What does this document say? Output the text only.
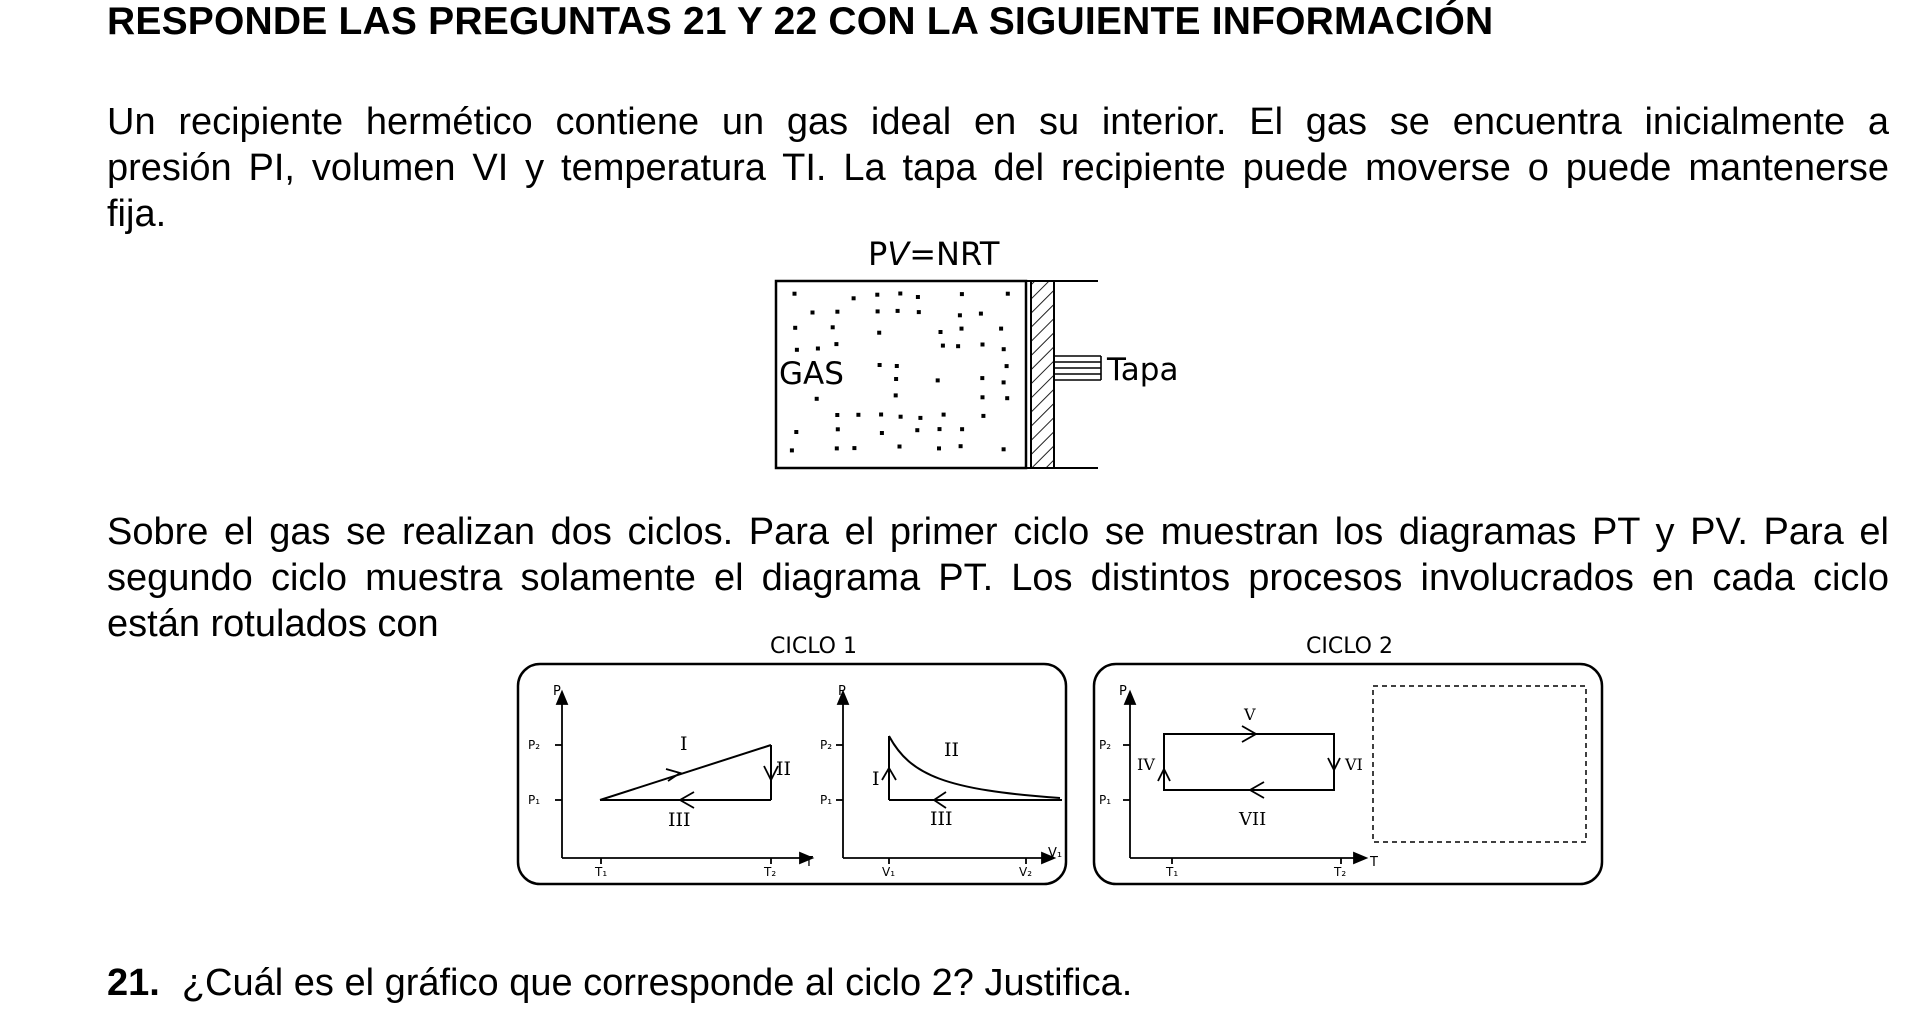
RESPONDE LAS PREGUNTAS 21 Y 22 CON LA SIGUIENTE INFORMACIÓN
Un recipiente hermético contiene un gas ideal en su interior. El gas se encuentra inicialmente a
presión PI, volumen VI y temperatura TI. La tapa del recipiente puede moverse o puede mantenerse
fija.
Sobre el gas se realizan dos ciclos. Para el primer ciclo se muestran los diagramas PT y PV. Para el
segundo ciclo muestra solamente el diagrama PT. Los distintos procesos involucrados en cada ciclo
están rotulados con
PV=NRT
Tapa
GAS
CICLO 1	CICLO 2
P
T
P₂
P₁
T₁	T₂
I
II
III
P
V₁
P₂
P₁
V₁	V₂
I
II
III
P
T
P₂
P₁
T₁	T₂
IV
V
VI
VII
21. ¿Cuál es el gráfico que corresponde al ciclo 2? Justifica.
